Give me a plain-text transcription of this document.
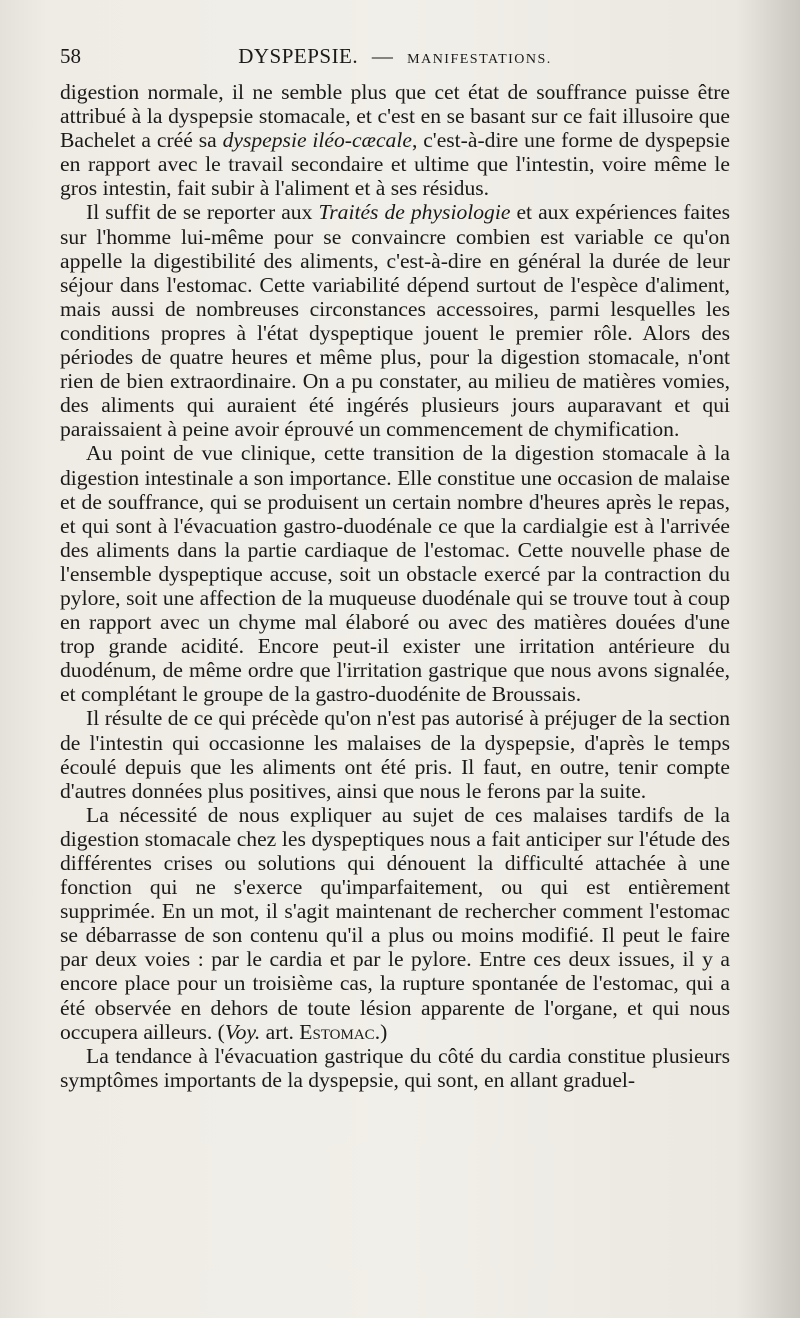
58	DYSPEPSIE. — MANIFESTATIONS.

digestion normale, il ne semble plus que cet état de souffrance puisse être attribué à la dyspepsie stomacale, et c'est en se basant sur ce fait illusoire que Bachelet a créé sa dyspepsie iléo-cæcale, c'est-à-dire une forme de dyspepsie en rapport avec le travail secondaire et ultime que l'intestin, voire même le gros intestin, fait subir à l'aliment et à ses résidus.

Il suffit de se reporter aux Traités de physiologie et aux expériences faites sur l'homme lui-même pour se convaincre combien est variable ce qu'on appelle la digestibilité des aliments, c'est-à-dire en général la durée de leur séjour dans l'estomac. Cette variabilité dépend surtout de l'espèce d'aliment, mais aussi de nombreuses circonstances accessoires, parmi lesquelles les conditions propres à l'état dyspeptique jouent le premier rôle. Alors des périodes de quatre heures et même plus, pour la digestion stomacale, n'ont rien de bien extraordinaire. On a pu constater, au milieu de matières vomies, des aliments qui auraient été ingérés plusieurs jours auparavant et qui paraissaient à peine avoir éprouvé un commencement de chymification.

Au point de vue clinique, cette transition de la digestion stomacale à la digestion intestinale a son importance. Elle constitue une occasion de malaise et de souffrance, qui se produisent un certain nombre d'heures après le repas, et qui sont à l'évacuation gastro-duodénale ce que la cardialgie est à l'arrivée des aliments dans la partie cardiaque de l'estomac. Cette nouvelle phase de l'ensemble dyspeptique accuse, soit un obstacle exercé par la contraction du pylore, soit une affection de la muqueuse duodénale qui se trouve tout à coup en rapport avec un chyme mal élaboré ou avec des matières douées d'une trop grande acidité. Encore peut-il exister une irritation antérieure du duodénum, de même ordre que l'irritation gastrique que nous avons signalée, et complétant le groupe de la gastro-duodénite de Broussais.

Il résulte de ce qui précède qu'on n'est pas autorisé à préjuger de la section de l'intestin qui occasionne les malaises de la dyspepsie, d'après le temps écoulé depuis que les aliments ont été pris. Il faut, en outre, tenir compte d'autres données plus positives, ainsi que nous le ferons par la suite.

La nécessité de nous expliquer au sujet de ces malaises tardifs de la digestion stomacale chez les dyspeptiques nous a fait anticiper sur l'étude des différentes crises ou solutions qui dénouent la difficulté attachée à une fonction qui ne s'exerce qu'imparfaitement, ou qui est entièrement supprimée. En un mot, il s'agit maintenant de rechercher comment l'estomac se débarrasse de son contenu qu'il a plus ou moins modifié. Il peut le faire par deux voies : par le cardia et par le pylore. Entre ces deux issues, il y a encore place pour un troisième cas, la rupture spontanée de l'estomac, qui a été observée en dehors de toute lésion apparente de l'organe, et qui nous occupera ailleurs. (Voy. art. Estomac.)

La tendance à l'évacuation gastrique du côté du cardia constitue plusieurs symptômes importants de la dyspepsie, qui sont, en allant graduel-
